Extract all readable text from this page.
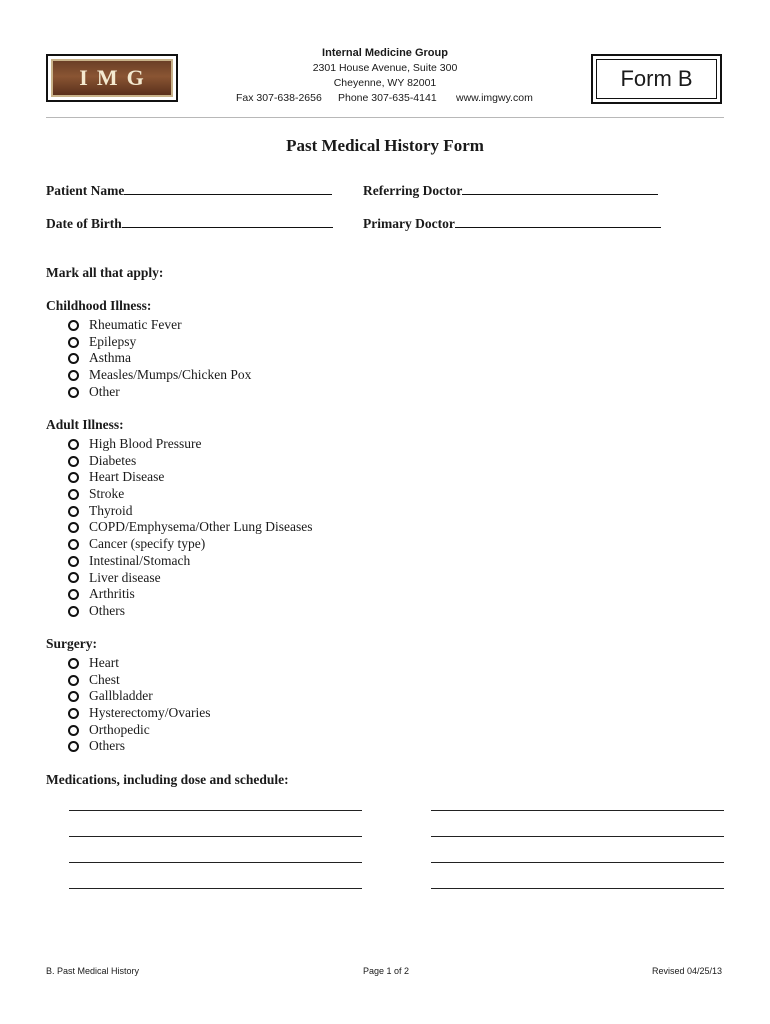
IMG
Internal Medicine Group
2301 House Avenue, Suite 300
Cheyenne, WY 82001
Fax 307-638-2656 Phone 307-635-4141 www.imgwy.com
Form B
Past Medical History Form
Patient Name	Referring Doctor
Date of Birth	Primary Doctor
Mark all that apply:
Childhood Illness:
Rheumatic Fever
Epilepsy
Asthma
Measles/Mumps/Chicken Pox
Other
Adult Illness:
High Blood Pressure
Diabetes
Heart Disease
Stroke
Thyroid
COPD/Emphysema/Other Lung Diseases
Cancer (specify type)
Intestinal/Stomach
Liver disease
Arthritis
Others
Surgery:
Heart
Chest
Gallbladder
Hysterectomy/Ovaries
Orthopedic
Others
Medications, including dose and schedule:
B. Past Medical History	Page 1 of 2	Revised 04/25/13
